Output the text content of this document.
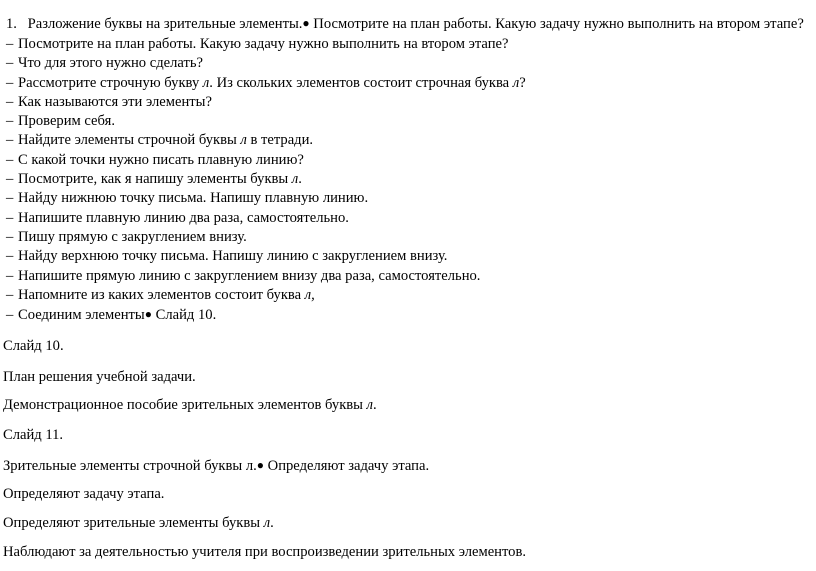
1. Разложение буквы на зрительные элементы.● Посмотрите на план работы. Какую задачу нужно выполнить на втором этапе?
– Посмотрите на план работы. Какую задачу нужно выполнить на втором этапе?
– Что для этого нужно сделать?
– Рассмотрите строчную букву л. Из скольких элементов состоит строчная буква л?
– Как называются эти элементы?
– Проверим себя.
– Найдите элементы строчной буквы л в тетради.
– С какой точки нужно писать плавную линию?
– Посмотрите, как я напишу элементы буквы л.
– Найду нижнюю точку письма. Напишу плавную линию.
– Напишите плавную линию два раза, самостоятельно.
– Пишу прямую с закруглением внизу.
– Найду верхнюю точку письма. Напишу линию с закруглением внизу.
– Напишите прямую линию с закруглением внизу два раза, самостоятельно.
– Напомните из каких элементов состоит буква л,
– Соединим элементы● Слайд 10.
Слайд 10.
План решения учебной задачи.
Демонстрационное пособие зрительных элементов буквы л.
Слайд 11.
Зрительные элементы строчной буквы л.● Определяют задачу этапа.
Определяют задачу этапа.
Определяют зрительные элементы буквы л.
Наблюдают за деятельностью учителя при воспроизведении зрительных элементов.
